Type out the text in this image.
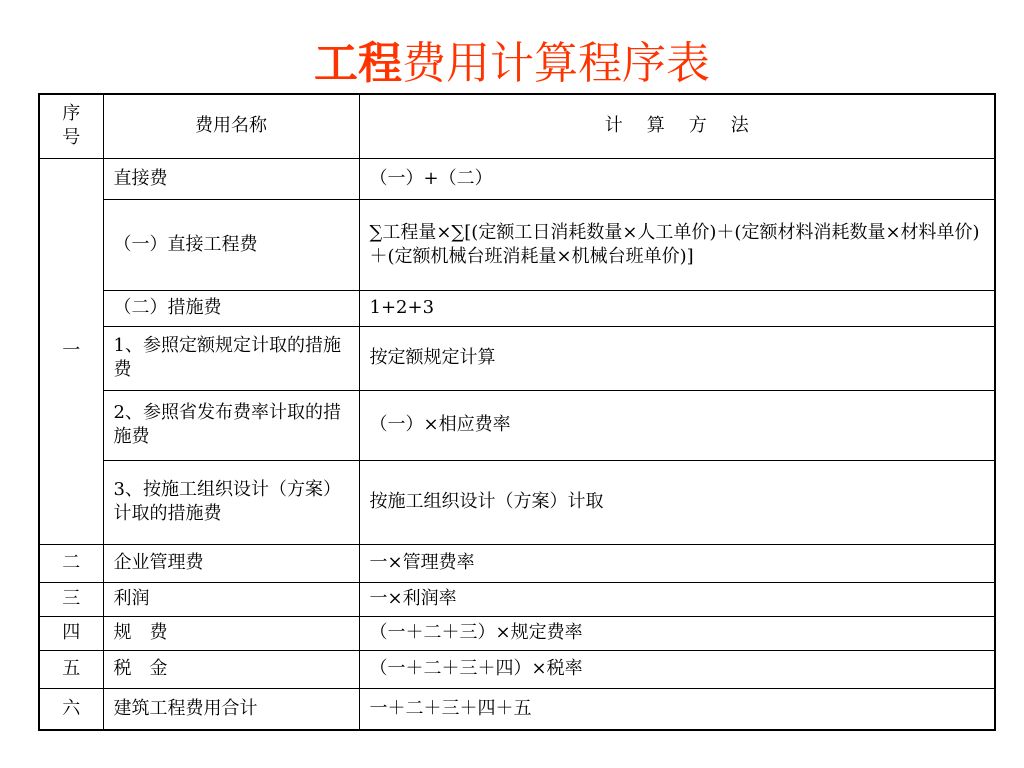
工程费用计算程序表
序号	费用名称	计 算 方 法
一	直接费	（一）+（二）
	（一）直接工程费	∑工程量×∑[(定额工日消耗数量×人工单价)＋(定额材料消耗数量×材料单价)＋(定额机械台班消耗量×机械台班单价)]
	（二）措施费	1+2+3
	1、参照定额规定计取的措施费	按定额规定计算
	2、参照省发布费率计取的措施费	（一）×相应费率
	3、按施工组织设计（方案）计取的措施费	按施工组织设计（方案）计取
二	企业管理费	一×管理费率
三	利润	一×利润率
四	规　费	（一＋二＋三）×规定费率
五	税　金	（一＋二＋三＋四）×税率
六	建筑工程费用合计	一＋二＋三＋四＋五
